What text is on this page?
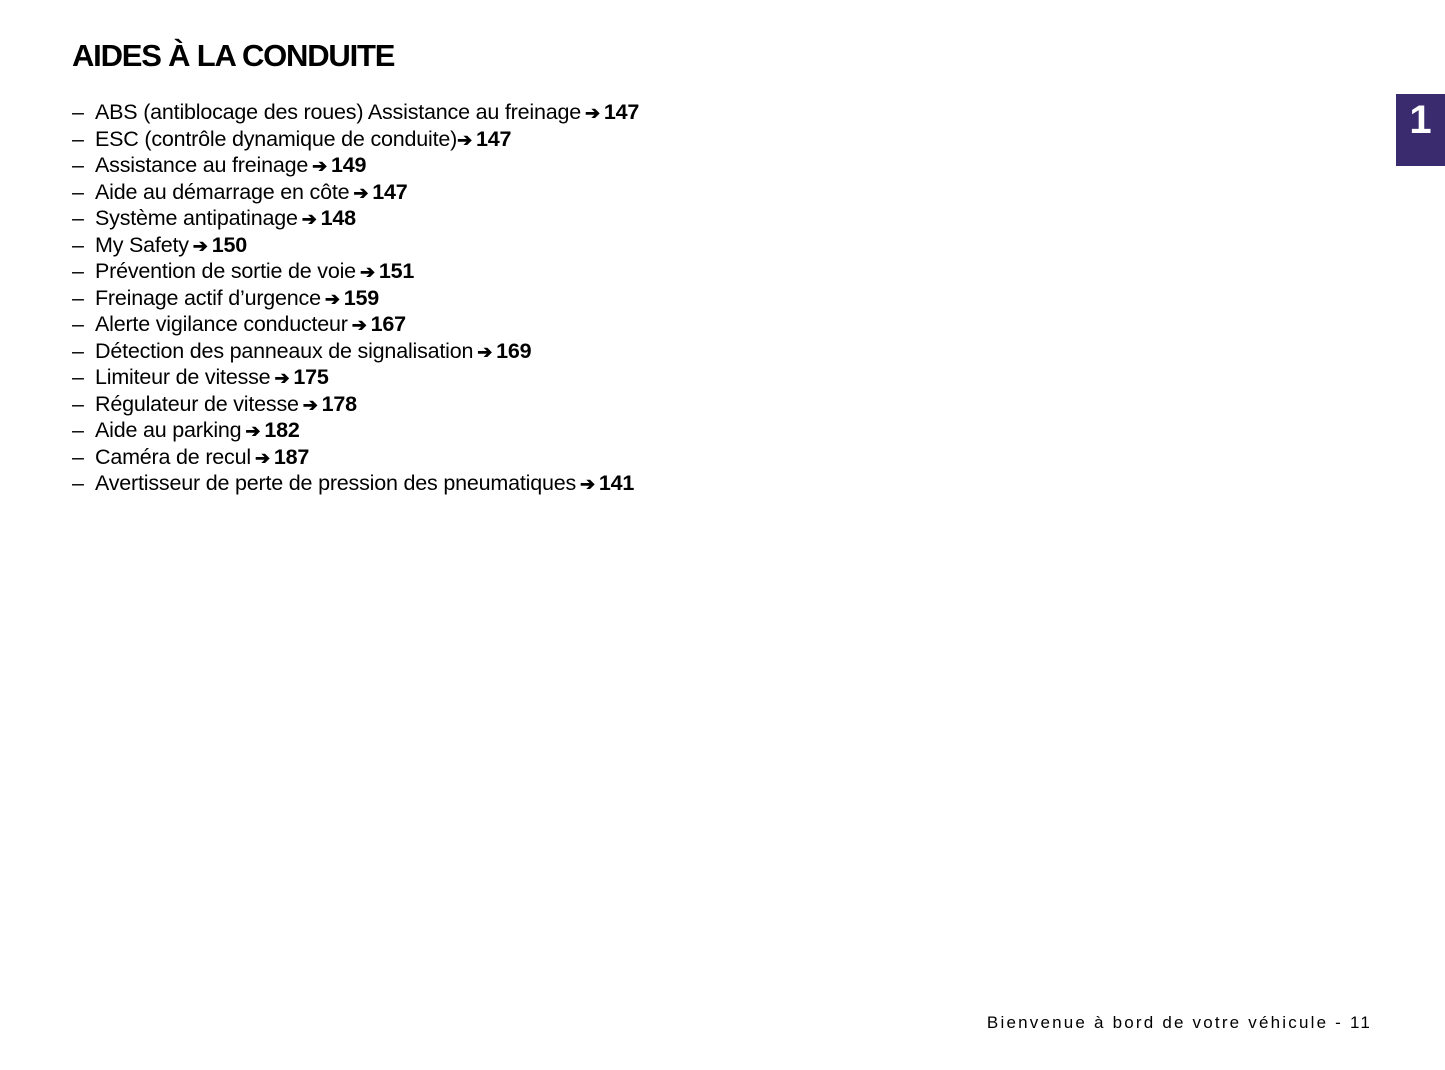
AIDES À LA CONDUITE
– ABS (antiblocage des roues) Assistance au freinage ➔ 147
– ESC (contrôle dynamique de conduite)➔ 147
– Assistance au freinage ➔ 149
– Aide au démarrage en côte ➔ 147
– Système antipatinage ➔ 148
– My Safety ➔ 150
– Prévention de sortie de voie ➔ 151
– Freinage actif d’urgence ➔ 159
– Alerte vigilance conducteur ➔ 167
– Détection des panneaux de signalisation ➔ 169
– Limiteur de vitesse ➔ 175
– Régulateur de vitesse ➔ 178
– Aide au parking ➔ 182
– Caméra de recul ➔ 187
– Avertisseur de perte de pression des pneumatiques ➔ 141
1
Bienvenue à bord de votre véhicule - 11
